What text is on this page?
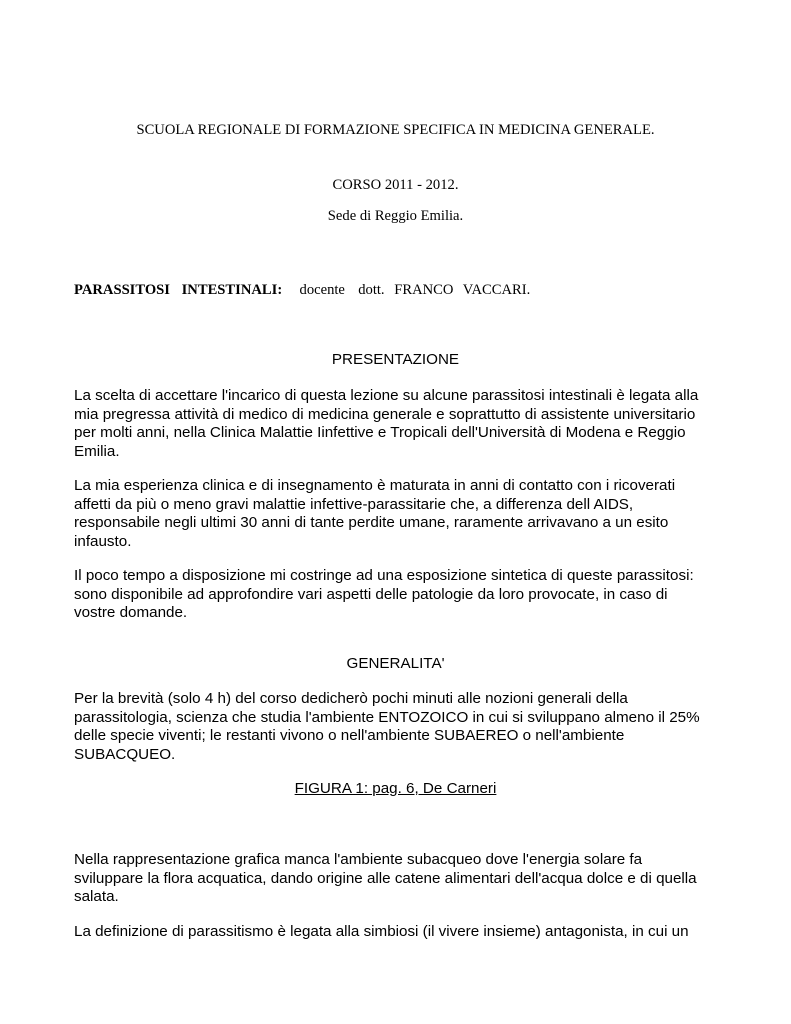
SCUOLA REGIONALE DI FORMAZIONE SPECIFICA IN MEDICINA GENERALE.
CORSO 2011 - 2012.
Sede di Reggio Emilia.
PARASSITOSI INTESTINALI: docente dott. FRANCO VACCARI.
PRESENTAZIONE
La scelta di accettare l'incarico di questa lezione su alcune parassitosi intestinali è legata alla
mia pregressa attività di medico di medicina generale e soprattutto di assistente universitario
per molti anni, nella Clinica Malattie Iinfettive e Tropicali dell'Università di Modena e Reggio
Emilia.
La mia esperienza clinica e di insegnamento è maturata in anni di contatto con i ricoverati
affetti da più o meno gravi malattie infettive-parassitarie che, a differenza dell AIDS,
responsabile negli ultimi 30 anni di tante perdite umane, raramente arrivavano a un esito
infausto.
Il poco tempo a disposizione mi costringe ad una esposizione sintetica di queste parassitosi:
sono disponibile ad approfondire vari aspetti delle patologie da loro provocate, in caso di
vostre domande.
GENERALITA'
Per la brevità (solo 4 h) del corso dedicherò pochi minuti alle nozioni generali della
parassitologia, scienza che studia l'ambiente ENTOZOICO in cui si sviluppano almeno il 25%
delle specie viventi; le restanti vivono o nell'ambiente SUBAEREO o nell'ambiente
SUBACQUEO.
FIGURA 1: pag. 6, De Carneri
Nella rappresentazione grafica manca l'ambiente subacqueo dove l'energia solare fa
sviluppare la flora acquatica, dando origine alle catene alimentari dell'acqua dolce e di quella
salata.
La definizione di parassitismo è legata alla simbiosi (il vivere insieme) antagonista, in cui un
